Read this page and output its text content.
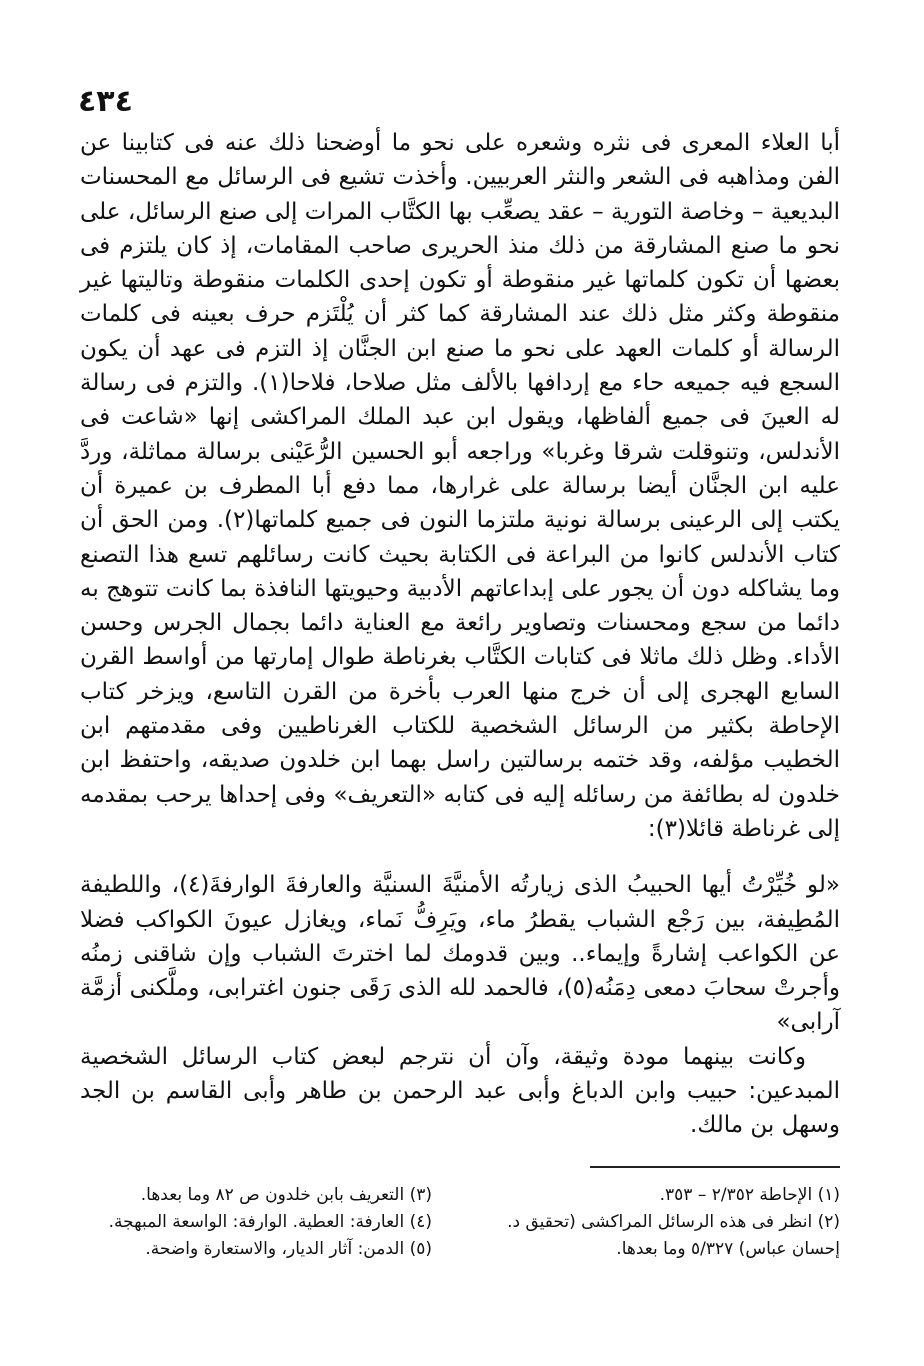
٤٣٤

أبا العلاء المعرى فى نثره وشعره على نحو ما أوضحنا ذلك عنه فى كتابينا عن الفن ومذاهبه فى الشعر والنثر العربيين. وأخذت تشيع فى الرسائل مع المحسنات البديعية – وخاصة التورية – عقد يصعِّب بها الكتَّاب المرات إلى صنع الرسائل، على نحو ما صنع المشارقة من ذلك منذ الحريرى صاحب المقامات، إذ كان يلتزم فى بعضها أن تكون كلماتها غير منقوطة أو تكون إحدى الكلمات منقوطة وتاليتها غير منقوطة وكثر مثل ذلك عند المشارقة كما كثر أن يُلْتَزم حرف بعينه فى كلمات الرسالة أو كلمات العهد على نحو ما صنع ابن الجنَّان إذ التزم فى عهد أن يكون السجع فيه جميعه حاء مع إردافها بالألف مثل صلاحا، فلاحا(١). والتزم فى رسالة له العينَ فى جميع ألفاظها، ويقول ابن عبد الملك المراكشى إنها «شاعت فى الأندلس، وتنوقلت شرقا وغربا» وراجعه أبو الحسين الرُّعَيْنى برسالة مماثلة، وردَّ عليه ابن الجنَّان أيضا برسالة على غرارها، مما دفع أبا المطرف بن عميرة أن يكتب إلى الرعينى برسالة نونية ملتزما النون فى جميع كلماتها(٢). ومن الحق أن كتاب الأندلس كانوا من البراعة فى الكتابة بحيث كانت رسائلهم تسع هذا التصنع وما يشاكله دون أن يجور على إبداعاتهم الأدبية وحيويتها النافذة بما كانت تتوهج به دائما من سجع ومحسنات وتصاوير رائعة مع العناية دائما بجمال الجرس وحسن الأداء. وظل ذلك ماثلا فى كتابات الكتَّاب بغرناطة طوال إمارتها من أواسط القرن السابع الهجرى إلى أن خرج منها العرب بأخرة من القرن التاسع، ويزخر كتاب الإحاطة بكثير من الرسائل الشخصية للكتاب الغرناطيين وفى مقدمتهم ابن الخطيب مؤلفه، وقد ختمه برسالتين راسل بهما ابن خلدون صديقه، واحتفظ ابن خلدون له بطائفة من رسائله إليه فى كتابه «التعريف» وفى إحداها يرحب بمقدمه إلى غرناطة قائلا(٣):

«لو خُيِّرْتُ أيها الحبيبُ الذى زيارتُه الأمنيَّةَ السنيَّة والعارفةَ الوارفةَ(٤)، واللطيفة المُطِيفة، بين رَجْع الشباب يقطرُ ماء، ويَرِفُّ نَماء، ويغازل عيونَ الكواكب فضلا عن الكواعب إشارةً وإيماء.. وبين قدومك لما اخترتَ الشباب وإن شاقنى زمنُه وأجرتْ سحابَ دمعى دِمَنُه(٥)، فالحمد لله الذى رَقَى جنون اغترابى، وملَّكنى أزمَّة آرابى»

وكانت بينهما مودة وثيقة، وآن أن نترجم لبعض كتاب الرسائل الشخصية المبدعين: حبيب وابن الدباغ وأبى عبد الرحمن بن طاهر وأبى القاسم بن الجد وسهل بن مالك.

(١) الإحاطة ٢/٣٥٢ – ٣٥٣.
(٢) انظر فى هذه الرسائل المراكشى (تحقيق د.
إحسان عباس) ٥/٣٢٧ وما بعدها.
(٣) التعريف بابن خلدون ص ٨٢ وما بعدها.
(٤) العارفة: العطية. الوارفة: الواسعة المبهجة.
(٥) الدمن: آثار الديار، والاستعارة واضحة.
